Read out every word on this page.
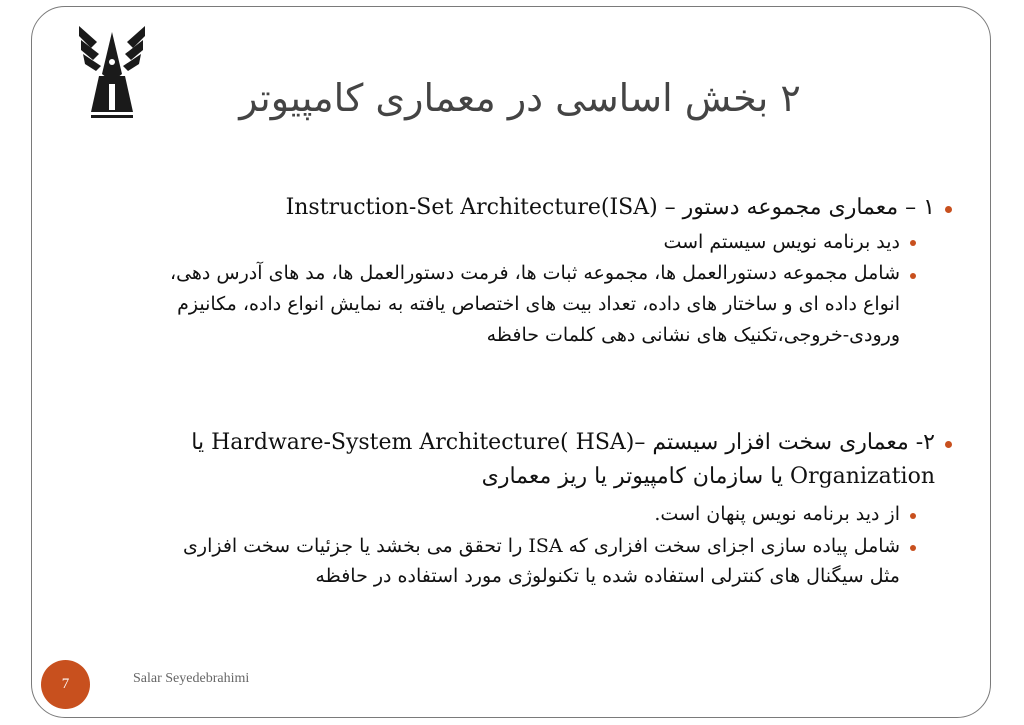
۲ بخش اساسی در معماری کامپیوتر
۱ – معماری مجموعه دستور – Instruction-Set Architecture(ISA)
دید برنامه نویس سیستم است
شامل مجموعه دستورالعمل ها، مجموعه ثبات ها، فرمت دستورالعمل ها، مد های آدرس دهی،
انواع داده ای و ساختار های داده، تعداد بیت های اختصاص یافته به نمایش انواع داده، مکانیزم
ورودی-خروجی،تکنیک های نشانی دهی کلمات حافظه
۲- معماری سخت افزار سیستم –Hardware-System Architecture( HSA) یا
Organization یا سازمان کامپیوتر یا ریز معماری
از دید برنامه نویس پنهان است.
شامل پیاده سازی اجزای سخت افزاری که ISA را تحقق می بخشد یا جزئیات سخت افزاری
مثل سیگنال های کنترلی استفاده شده یا تکنولوژی مورد استفاده در حافظه
7	Salar Seyedebrahimi
